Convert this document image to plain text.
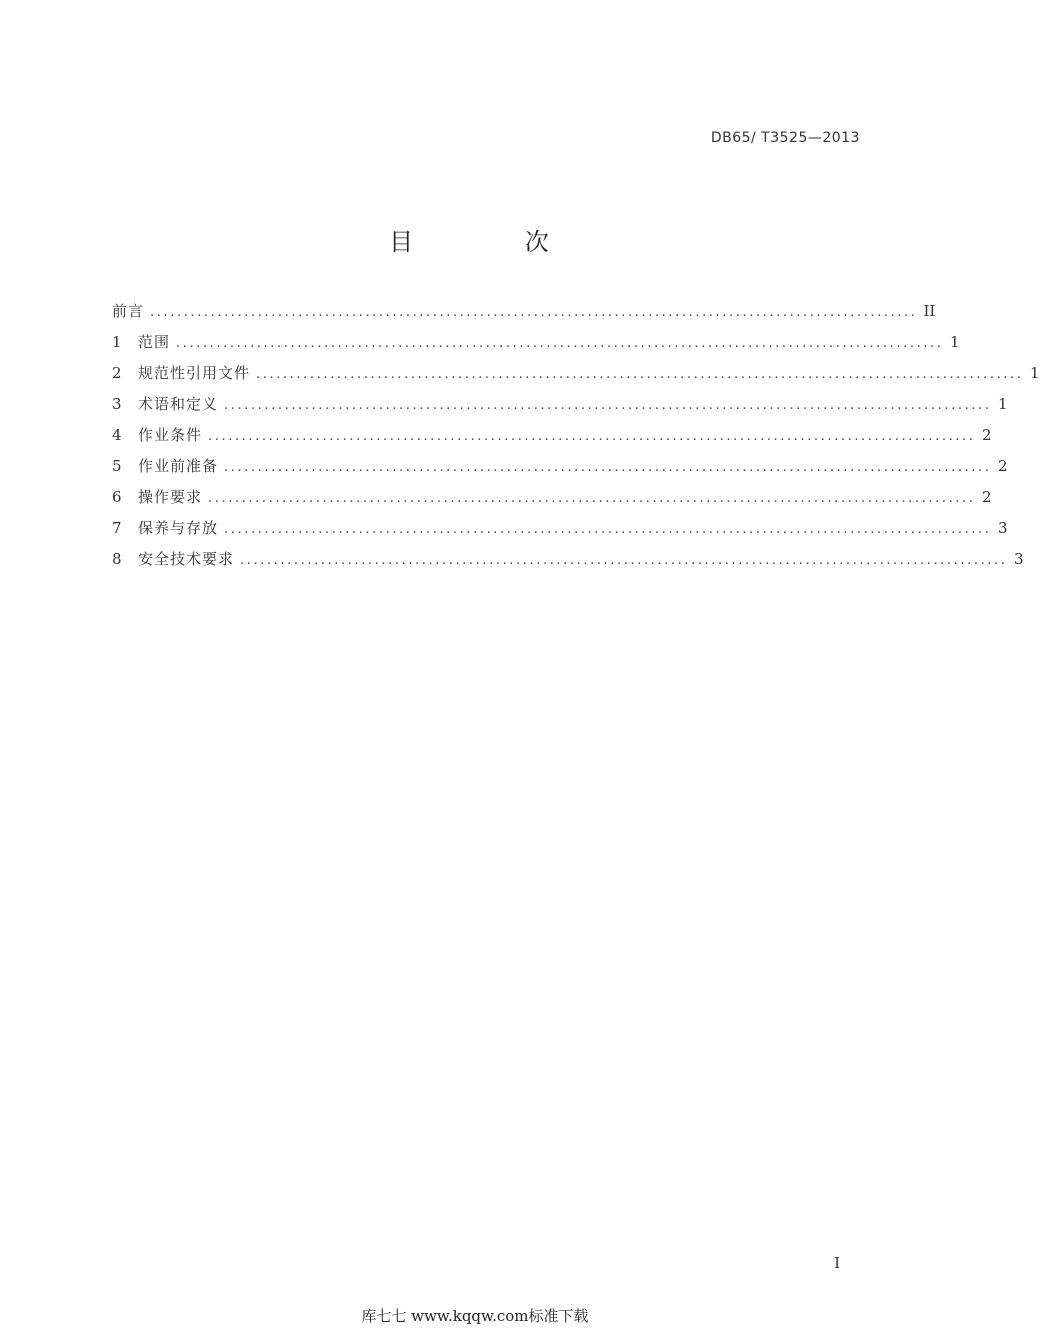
DB65/ T3525—2013
目 次
前言 .................................................................................................................. II
1	范围 .................................................................................................................. 1
2	规范性引用文件 .................................................................................................................. 1
3	术语和定义 .................................................................................................................. 1
4	作业条件 .................................................................................................................. 2
5	作业前准备 .................................................................................................................. 2
6	操作要求 .................................................................................................................. 2
7	保养与存放 .................................................................................................................. 3
8	安全技术要求 .................................................................................................................. 3
I
库七七 www.kqqw.com标准下载
